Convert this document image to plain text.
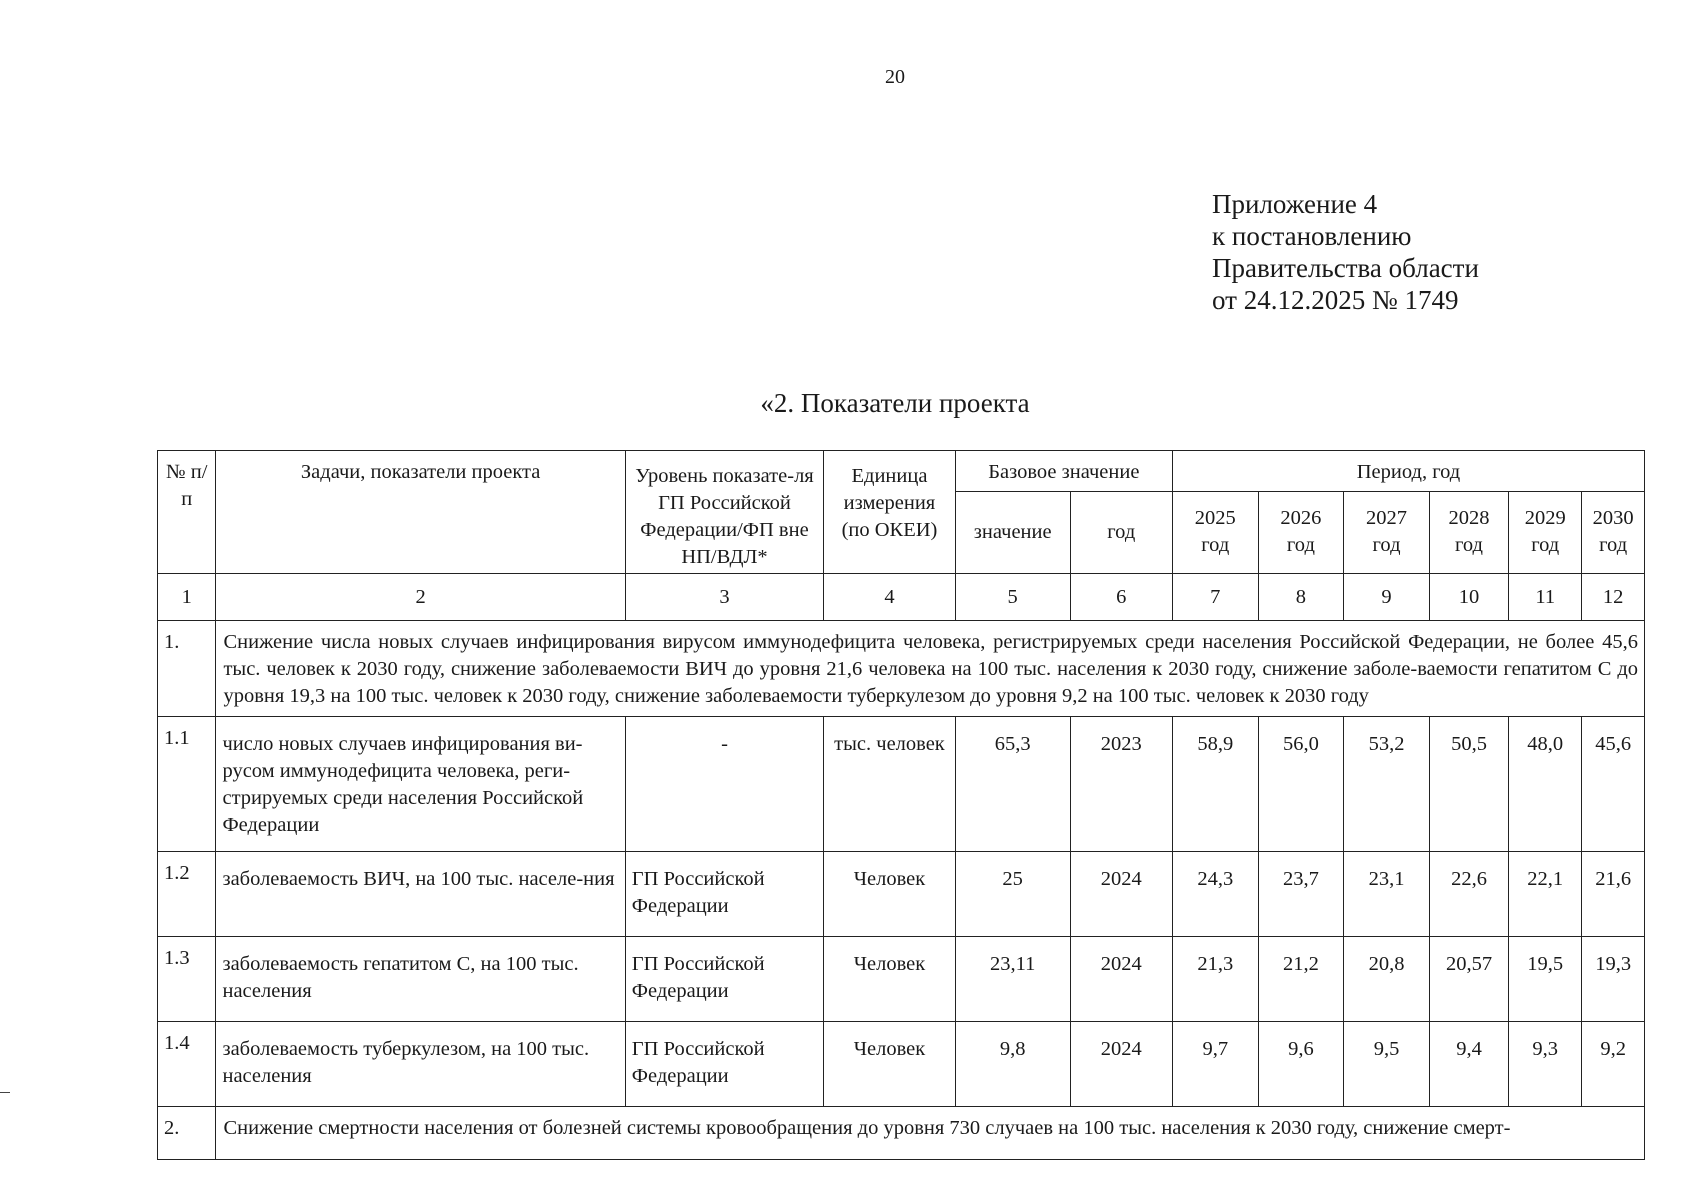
20
Приложение 4
к постановлению
Правительства области
от 24.12.2025 № 1749
«2. Показатели проекта
№ п/п	Задачи, показатели проекта	Уровень показате-ля ГП Российской Федерации/ФП вне НП/ВДЛ*	Единица измерения (по ОКЕИ)	Базовое значение		Период, год					
				значение	год	2025 год	2026 год	2027 год	2028 год	2029 год	2030 год
1	2	3	4	5	6	7	8	9	10	11	12
1.	Снижение числа новых случаев инфицирования вирусом иммунодефицита человека, регистрируемых среди населения Российской Федерации, не более 45,6 тыс. человек к 2030 году, снижение заболеваемости ВИЧ до уровня 21,6 человека на 100 тыс. населения к 2030 году, снижение заболе-ваемости гепатитом С до уровня 19,3 на 100 тыс. человек к 2030 году, снижение заболеваемости туберкулезом до уровня 9,2 на 100 тыс. человек к 2030 году										
1.1	число новых случаев инфицирования ви-русом иммунодефицита человека, реги-стрируемых среди населения Российской Федерации	-	тыс. человек	65,3	2023	58,9	56,0	53,2	50,5	48,0	45,6
1.2	заболеваемость ВИЧ, на 100 тыс. населе-ния	ГП Российской Федерации	Человек	25	2024	24,3	23,7	23,1	22,6	22,1	21,6
1.3	заболеваемость гепатитом С, на 100 тыс. населения	ГП Российской Федерации	Человек	23,11	2024	21,3	21,2	20,8	20,57	19,5	19,3
1.4	заболеваемость туберкулезом, на 100 тыс. населения	ГП Российской Федерации	Человек	9,8	2024	9,7	9,6	9,5	9,4	9,3	9,2
2.	Снижение смертности населения от болезней системы кровообращения до уровня 730 случаев на 100 тыс. населения к 2030 году, снижение смерт-										
